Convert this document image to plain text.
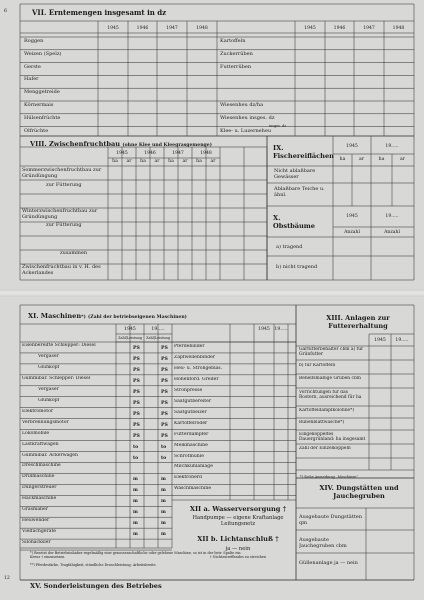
6
12
VII. Erntemengen insgesamt in dz
1945	1946	1947	1948	1945	1946	1947	1948
Roggen
Weizen (Spelz)
Gerste
Hafer
Menggetreide
Körnermais
Hülsenfrüchte
Ölfrüchte
Kartoffeln
Zuckerrüben
Futterrüben
Wiesenheu dz/ha
Wiesenheu insges. dz
Klee- u. Luzerneheu
insges. dz
VIII. Zwischenfruchtbau (ohne Klee und Kleegrasgemenge)
1945	1946	1947	1948
ha	ar	ha	ar	ha	ar	ha	ar
Sommerzwischenfruchtbau zur Gründüngung
zur Fütterung
Winterzwischenfruchtbau zur Gründüngung
zur Fütterung
zusammen
Zwischenfruchtbau in v. H. des Ackerlandes
IX.
Fischereiflächen
1945	19.....
ha	ar	ha	ar
Nicht ablaßbare Gewässer
Ablaßbare Teiche u. ähnl.
X.
Obstbäume
1945	19.....
Anzahl	Anzahl
a) tragend
b) nicht tragend
XI. Maschinen*) (Zahl der betriebseigenen Maschinen)
1945	19.....	1945 19.....
Zahl|Leistung	Zahl|Leistung
Eisenbereifte Schlepper: Diesel
PS	PS
Vergaser
PS	PS
Glühkopf
PS	PS
Gummibar. Schlepper: Diesel
PS	PS
Vergaser
PS	PS
Glühkopf
PS	PS
Elektromotor
PS	PS
Verbrennungsmotor
PS	PS
Lokomobile
PS	PS
Lastkraftwagen
to	to
Gummibar. Ackerwagen
to	to
Dreschmaschine
Drillmaschine
m	m
Düngerstreuer
m	m
Hackmaschine
m	m
Grasmäher
m	m
Heuwender
m	m
Vielfachgeräte
m	m
Silohäcksler
Pferdebinder
Zapfwellenbinder
Heu- u. Strohgebläs.
Höhenförd. Greifer
Strohpresse
Saatgutbereiter
Saatgutbeizer
Kartoffelroder
Futterdämpfer
Melkmaschine
Schrotmühle
Milchkühlanlage
Elektroherd
Waschmaschine
*) Besetzt der Betriebsinhaber regelmäßig eine genossenschaftliche oder gelehene Maschine, so ist in der betr. Spalte ein Kreuz † einzusetzen.
**) Pferdestärke, Tragfähigkeit, stündliche Druschleistung, Arbeitsbreite.
XII a. Wasserversorgung †
Handpumpe — eigene Kraftanlage Leitungsnetz
XII b. Lichtanschluß †
ja — nein
† Nichtzutreffendes zu streichen
XIII. Anlagen zur Futtererhaltung
1945	19.....
Gärfutterbehälter cbm a) für Grünfutter
b) für Kartoffeln
Behelfsmäßige Gruben cbm
Vorrichtungen für das Rostern, ausreichend für ha
Kartoffeldämpfkolonne*)
Rübenblattwäsche*)
Eingekoppeltes Dauergrünland: ha insgesamt
Zahl der Einzelkoppeln
*) Siehe Anmerkung „Maschinen"
XIV. Dungstätten und Jauchegruben
Ausgebaute Dungstätten qm
Ausgebaute Jauchegruben cbm
Güllenanlage ja — nein
XV. Sonderleistungen des Betriebes
